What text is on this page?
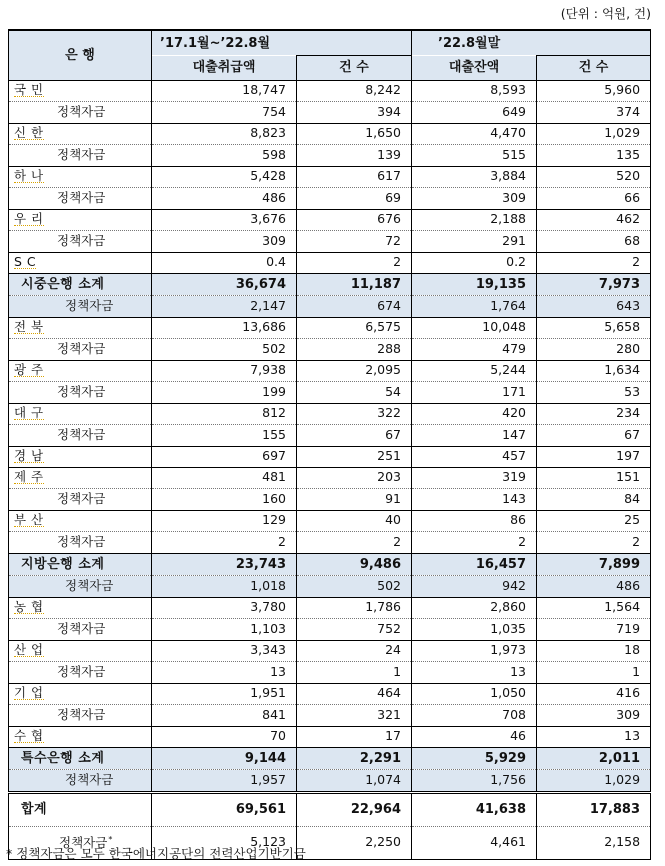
(단위 : 억원, 건)
은 행	’17.1월~’22.8월		’22.8월말	
	대출취급액	건 수	대출잔액	건 수
국 민	18,747	8,242	8,593	5,960
정책자금	754	394	649	374
신 한	8,823	1,650	4,470	1,029
정책자금	598	139	515	135
하 나	5,428	617	3,884	520
정책자금	486	69	309	66
우 리	3,676	676	2,188	462
정책자금	309	72	291	68
S C	0.4	2	0.2	2
시중은행 소계	36,674	11,187	19,135	7,973
정책자금	2,147	674	1,764	643
전 북	13,686	6,575	10,048	5,658
정책자금	502	288	479	280
광 주	7,938	2,095	5,244	1,634
정책자금	199	54	171	53
대 구	812	322	420	234
정책자금	155	67	147	67
경 남	697	251	457	197
제 주	481	203	319	151
정책자금	160	91	143	84
부 산	129	40	86	25
정책자금	2	2	2	2
지방은행 소계	23,743	9,486	16,457	7,899
정책자금	1,018	502	942	486
농 협	3,780	1,786	2,860	1,564
정책자금	1,103	752	1,035	719
산 업	3,343	24	1,973	18
정책자금	13	1	13	1
기 업	1,951	464	1,050	416
정책자금	841	321	708	309
수 협	70	17	46	13
특수은행 소계	9,144	2,291	5,929	2,011
정책자금	1,957	1,074	1,756	1,029
합계	69,561	22,964	41,638	17,883
정책자금*	5,123	2,250	4,461	2,158
* 정책자금은 모두 한국에너지공단의 전력산업기반기금
